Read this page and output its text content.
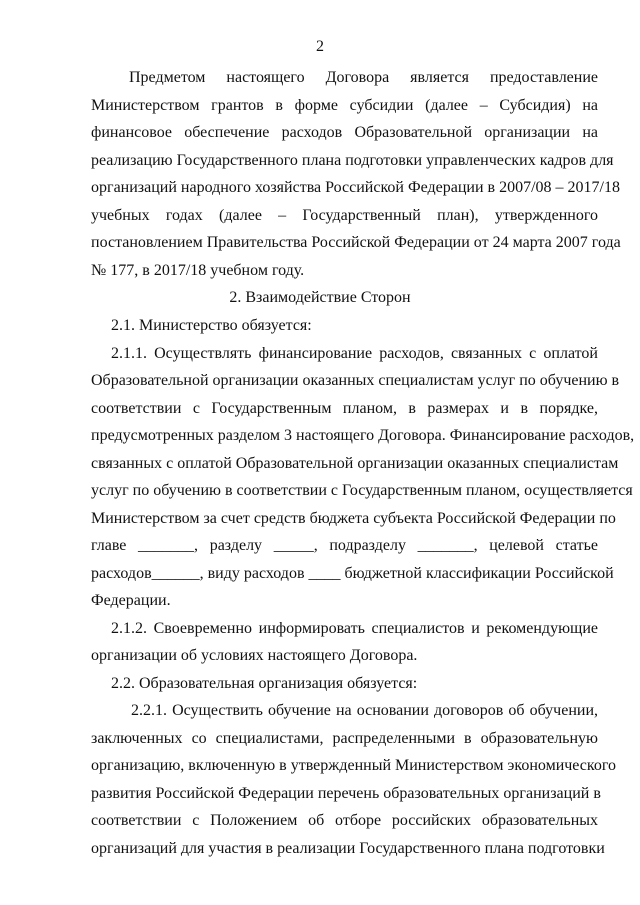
2
Предметом настоящего Договора является предоставление
Министерством грантов в форме субсидии (далее – Субсидия) на
финансовое обеспечение расходов Образовательной организации на
реализацию Государственного плана подготовки управленческих кадров для
организаций народного хозяйства Российской Федерации в 2007/08 – 2017/18
учебных годах (далее – Государственный план), утвержденного
постановлением Правительства Российской Федерации от 24 марта 2007 года
№ 177, в 2017/18 учебном году.
2. Взаимодействие Сторон
2.1. Министерство обязуется:
2.1.1. Осуществлять финансирование расходов, связанных с оплатой
Образовательной организации оказанных специалистам услуг по обучению в
соответствии с Государственным планом, в размерах и в порядке,
предусмотренных разделом 3 настоящего Договора. Финансирование расходов,
связанных с оплатой Образовательной организации оказанных специалистам
услуг по обучению в соответствии с Государственным планом, осуществляется
Министерством за счет средств бюджета субъекта Российской Федерации по
главе _______, разделу _____, подразделу _______, целевой статье
расходов______, виду расходов ____ бюджетной классификации Российской
Федерации.
2.1.2. Своевременно информировать специалистов и рекомендующие
организации об условиях настоящего Договора.
2.2. Образовательная организация обязуется:
2.2.1. Осуществить обучение на основании договоров об обучении,
заключенных со специалистами, распределенными в образовательную
организацию, включенную в утвержденный Министерством экономического
развития Российской Федерации перечень образовательных организаций в
соответствии с Положением об отборе российских образовательных
организаций для участия в реализации Государственного плана подготовки
